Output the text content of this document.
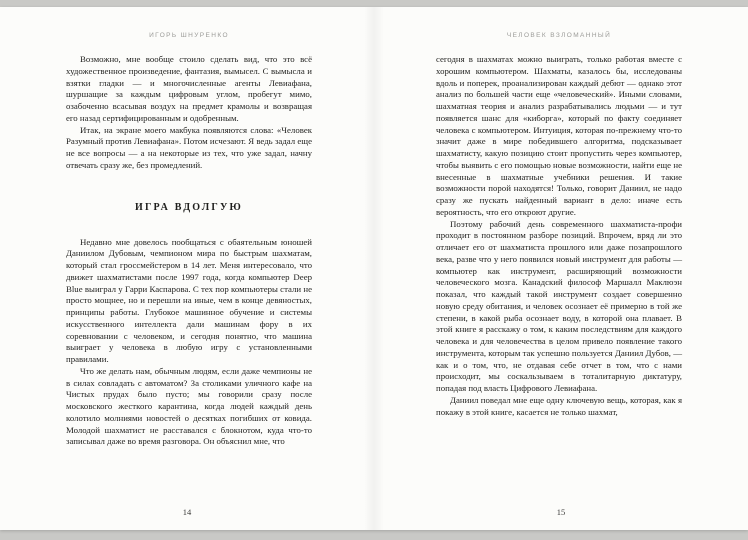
ИГОРЬ ШНУРЕНКО

Возможно, мне вообще стоило сделать вид, что это всё художественное произведение, фантазия, вымысел. С вымысла и взятки гладки — и многочисленные агенты Левиафана, шуршащие за каждым цифровым углом, пробегут мимо, озабоченно всасывая воздух на предмет крамолы и возвращая его назад сертифицированным и одобренным.

Итак, на экране моего макбука появляются слова: «Человек Разумный против Левиафана». Потом исчезают. Я ведь задал еще не все вопросы — а на некоторые из тех, что уже задал, начну отвечать сразу же, без промедлений.

ИГРА ВДОЛГУЮ

Недавно мне довелось пообщаться с обаятельным юношей Даниилом Дубовым, чемпионом мира по быстрым шахматам, который стал гроссмейстером в 14 лет. Меня интересовало, что движет шахматистами после 1997 года, когда компьютер Deep Blue выиграл у Гарри Каспарова. С тех пор компьютеры стали не просто мощнее, но и перешли на иные, чем в конце девяностых, принципы работы. Глубокое машинное обучение и системы искусственного интеллекта дали машинам фору в их соревновании с человеком, и сегодня понятно, что машина выиграет у человека в любую игру с установленными правилами.

Что же делать нам, обычным людям, если даже чемпионы не в силах совладать с автоматом? За столиками уличного кафе на Чистых прудах было пусто; мы говорили сразу после московского жесткого карантина, когда людей каждый день колотило молниями новостей о десятках погибших от ковида. Молодой шахматист не расставался с блокнотом, куда что-то записывал даже во время разговора. Он объяснил мне, что

14
ЧЕЛОВЕК ВЗЛОМАННЫЙ

сегодня в шахматах можно выиграть, только работая вместе с хорошим компьютером. Шахматы, казалось бы, исследованы вдоль и поперек, проанализирован каждый дебют — однако этот анализ по большей части еще «человеческий». Иными словами, шахматная теория и анализ разрабатывались людьми — и тут появляется шанс для «киборга», который по факту соединяет человека с компьютером. Интуиция, которая по-прежнему что-то значит даже в мире победившего алгоритма, подсказывает шахматисту, какую позицию стоит пропустить через компьютер, чтобы выявить с его помощью новые возможности, найти еще не внесенные в шахматные учебники решения. И такие возможности порой находятся! Только, говорит Даниил, не надо сразу же пускать найденный вариант в дело: иначе есть вероятность, что его откроют другие.

Поэтому рабочий день современного шахматиста-профи проходит в постоянном разборе позиций. Впрочем, вряд ли это отличает его от шахматиста прошлого или даже позапрошлого века, разве что у него появился новый инструмент для работы — компьютер как инструмент, расширяющий возможности человеческого мозга. Канадский философ Маршалл Маклюэн показал, что каждый такой инструмент создает совершенно новую среду обитания, и человек осознает её примерно в той же степени, в какой рыба осознает воду, в которой она плавает. В этой книге я расскажу о том, к каким последствиям для каждого человека и для человечества в целом привело появление такого инструмента, которым так успешно пользуется Даниил Дубов, — как и о том, что, не отдавая себе отчет в том, что с нами происходит, мы соскальзываем в тоталитарную диктатуру, попадая под власть Цифрового Левиафана.

Даниил поведал мне еще одну ключевую вещь, которая, как я покажу в этой книге, касается не только шахмат,

15
